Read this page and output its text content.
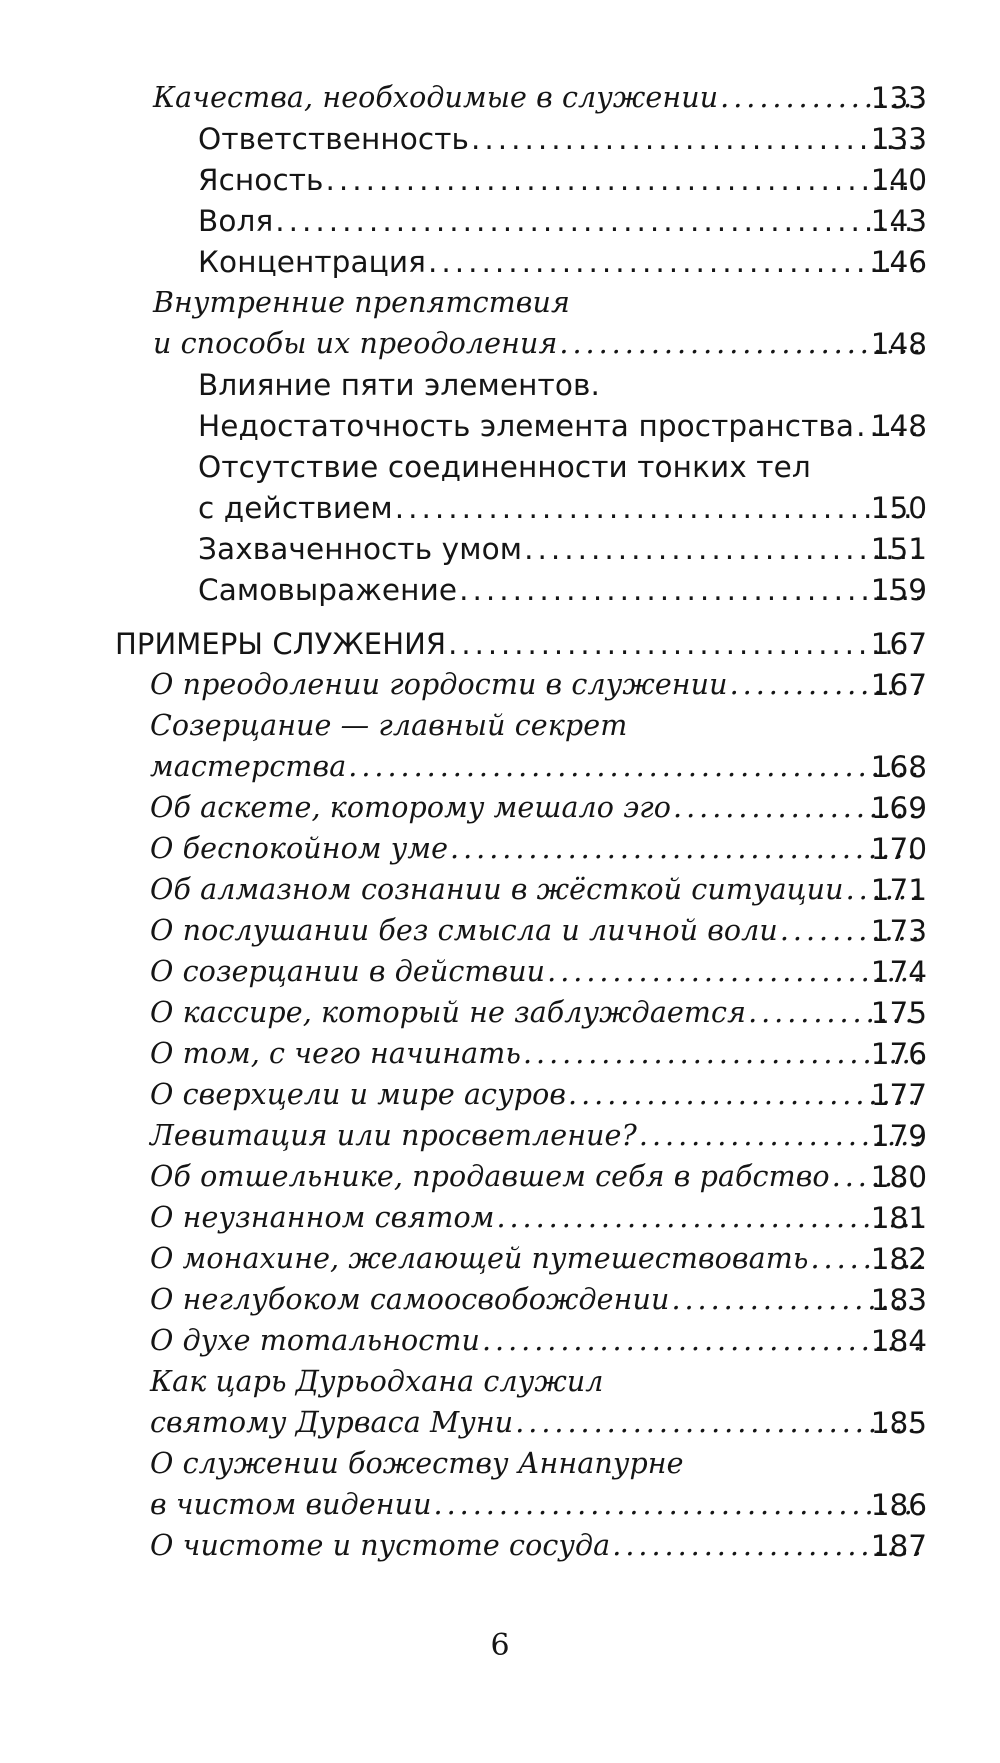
Качества, необходимые в служении .....	133
Ответственность .....	133
Ясность .....	140
Воля .....	143
Концентрация .....	146
Внутренние препятствия
и способы их преодоления .....	148
Влияние пяти элементов.
Недостаточность элемента пространства ..... 148
Отсутствие соединенности тонких тел
с действием .....	150
Захваченность умом .....	151
Самовыражение .....	159
ПРИМЕРЫ СЛУЖЕНИЯ .....	167
О преодолении гордости в служении .....	167
Созерцание — главный секрет
мастерства .....	168
Об аскете, которому мешало эго .....	169
О беспокойном уме .....	170
Об алмазном сознании в жёсткой ситуации ..... 171
О послушании без смысла и личной воли .....	173
О созерцании в действии .....	174
О кассире, который не заблуждается .....	175
О том, с чего начинать .....	176
О сверхцели и мире асуров .....	177
Левитация или просветление? .....	179
Об отшельнике, продавшем себя в рабство .....	180
О неузнанном святом .....	181
О монахине, желающей путешествовать .....	182
О неглубоком самоосвобождении .....	183
О духе тотальности .....	184
Как царь Дурьодхана служил
святому Дурваса Муни .....	185
О служении божеству Аннапурне
в чистом видении .....	186
О чистоте и пустоте сосуда .....	187
6
